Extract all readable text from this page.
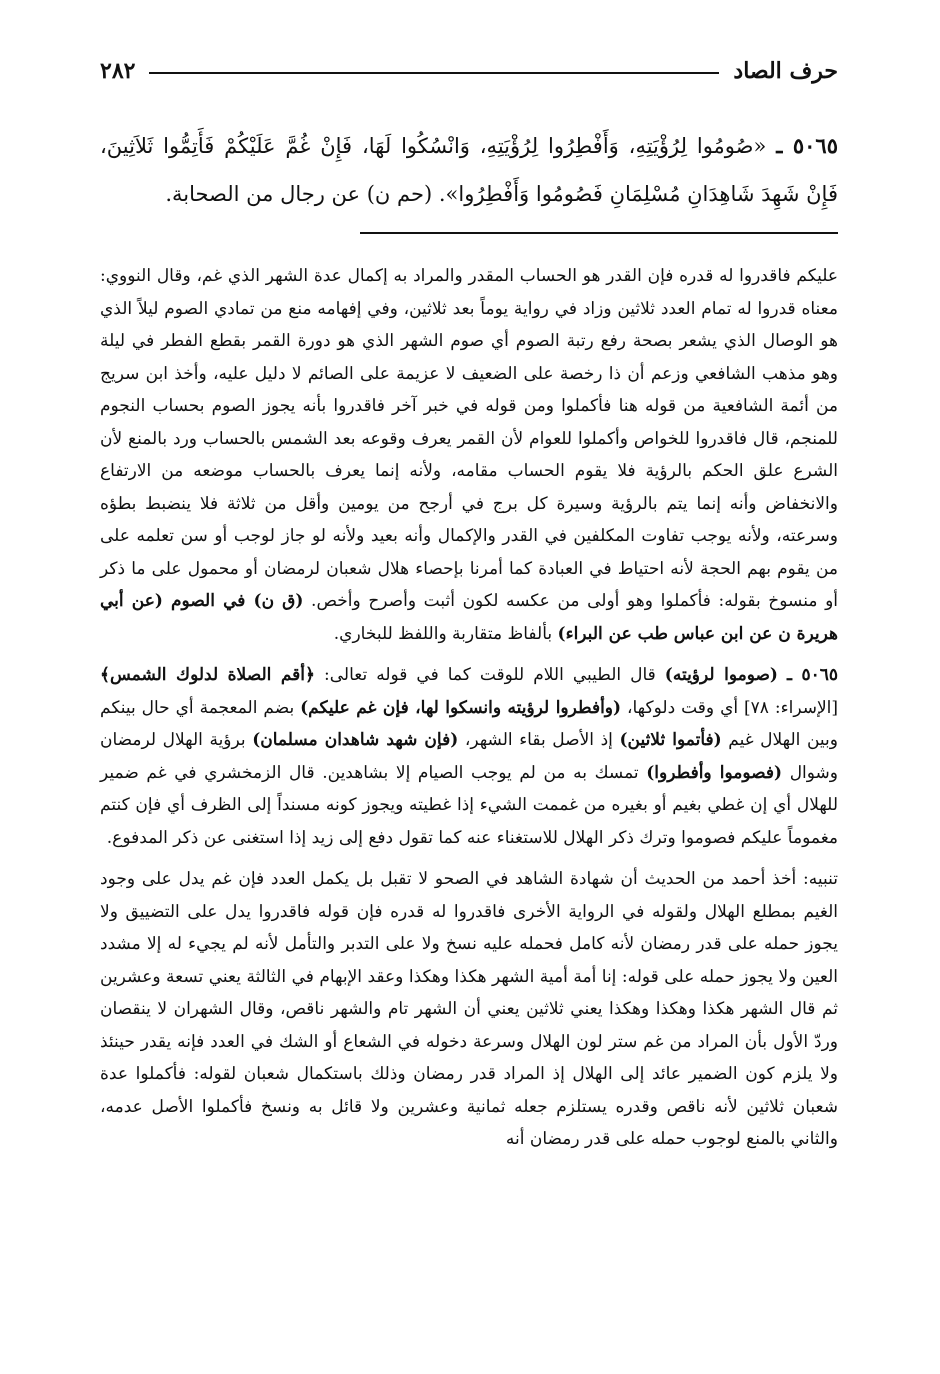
حرف الصاد
٢٨٢
٥٠٦٥ ـ «صُومُوا لِرُؤْيَتِهِ، وَأَفْطِرُوا لِرُؤْيَتِهِ، وَانْسُكُوا لَهَا، فَإِنْ غُمَّ عَلَيْكُمْ فَأَتِمُّوا ثَلاَثِينَ، فَإِنْ شَهِدَ شَاهِدَانِ مُسْلِمَانِ فَصُومُوا وَأَفْطِرُوا». (حم ن) عن رجال من الصحابة.

عليكم فاقدروا له قدره فإن القدر هو الحساب المقدر والمراد به إكمال عدة الشهر الذي غم، وقال النووي: معناه قدروا له تمام العدد ثلاثين وزاد في رواية يوماً بعد ثلاثين، وفي إفهامه منع من تمادي الصوم ليلاً الذي هو الوصال الذي يشعر بصحة رفع رتبة الصوم أي صوم الشهر الذي هو دورة القمر بقطع الفطر في ليلة وهو مذهب الشافعي وزعم أن ذا رخصة على الضعيف لا عزيمة على الصائم لا دليل عليه، وأخذ ابن سريج من أئمة الشافعية من قوله هنا فأكملوا ومن قوله في خبر آخر فاقدروا بأنه يجوز الصوم بحساب النجوم للمنجم، قال فاقدروا للخواص وأكملوا للعوام لأن القمر يعرف وقوعه بعد الشمس بالحساب ورد بالمنع لأن الشرع علق الحكم بالرؤية فلا يقوم الحساب مقامه، ولأنه إنما يعرف بالحساب موضعه من الارتفاع والانخفاض وأنه إنما يتم بالرؤية وسيرة كل برج في أرجح من يومين وأقل من ثلاثة فلا ينضبط بطؤه وسرعته، ولأنه يوجب تفاوت المكلفين في القدر والإكمال وأنه بعيد ولأنه لو جاز لوجب أو سن تعلمه على من يقوم بهم الحجة لأنه احتياط في العبادة كما أمرنا بإحصاء هلال شعبان لرمضان أو محمول على ما ذكر أو منسوخ بقوله: فأكملوا وهو أولى من عكسه لكون أثبت وأصرح وأخص. (ق ن) في الصوم (عن أبي هريرة ن عن ابن عباس طب عن البراء) بألفاظ متقاربة واللفظ للبخاري.

٥٠٦٥ ـ (صوموا لرؤيته) قال الطيبي اللام للوقت كما في قوله تعالى: ﴿أقم الصلاة لدلوك الشمس﴾ [الإسراء: ٧٨] أي وقت دلوكها، (وأفطروا لرؤيته وانسكوا لها، فإن غم عليكم) بضم المعجمة أي حال بينكم وبين الهلال غيم (فأتموا ثلاثين) إذ الأصل بقاء الشهر، (فإن شهد شاهدان مسلمان) برؤية الهلال لرمضان وشوال (فصوموا وأفطروا) تمسك به من لم يوجب الصيام إلا بشاهدين. قال الزمخشري في غم ضمير للهلال أي إن غطي بغيم أو بغيره من غممت الشيء إذا غطيته ويجوز كونه مسنداً إلى الظرف أي فإن كنتم مغموماً عليكم فصوموا وترك ذكر الهلال للاستغناء عنه كما تقول دفع إلى زيد إذا استغنى عن ذكر المدفوع.

تنبيه: أخذ أحمد من الحديث أن شهادة الشاهد في الصحو لا تقبل بل يكمل العدد فإن غم يدل على وجود الغيم بمطلع الهلال ولقوله في الرواية الأخرى فاقدروا له قدره فإن قوله فاقدروا يدل على التضييق ولا يجوز حمله على قدر رمضان لأنه كامل فحمله عليه نسخ ولا على التدبر والتأمل لأنه لم يجيء له إلا مشدد العين ولا يجوز حمله على قوله: إنا أمة أمية الشهر هكذا وهكذا وعقد الإبهام في الثالثة يعني تسعة وعشرين ثم قال الشهر هكذا وهكذا وهكذا يعني ثلاثين يعني أن الشهر تام والشهر ناقص، وقال الشهران لا ينقصان وردّ الأول بأن المراد من غم ستر لون الهلال وسرعة دخوله في الشعاع أو الشك في العدد فإنه يقدر حينئذ ولا يلزم كون الضمير عائد إلى الهلال إذ المراد قدر رمضان وذلك باستكمال شعبان لقوله: فأكملوا عدة شعبان ثلاثين لأنه ناقص وقدره يستلزم جعله ثمانية وعشرين ولا قائل به ونسخ فأكملوا الأصل عدمه، والثاني بالمنع لوجوب حمله على قدر رمضان أنه
